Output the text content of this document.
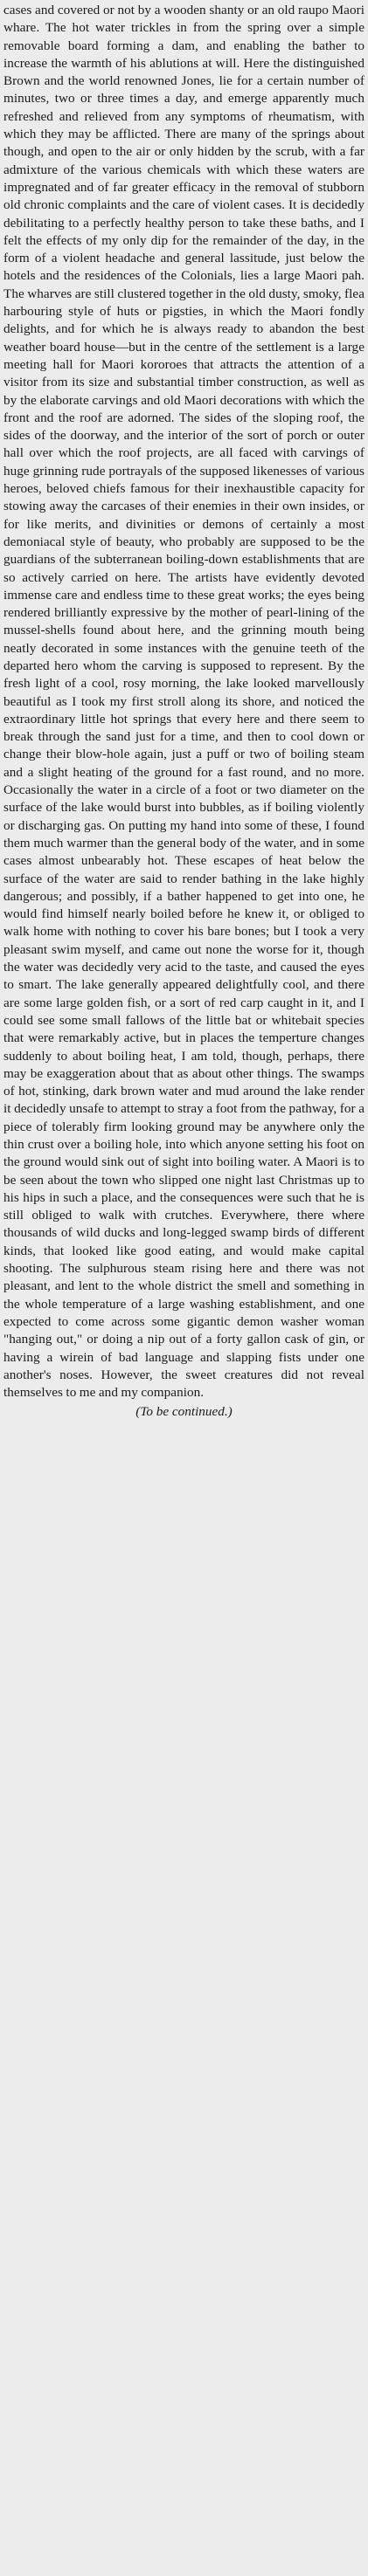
cases and covered or not by a wooden shanty or an old raupo Maori whare. The hot water trickles in from the spring over a simple removable board forming a dam, and enabling the bather to increase the warmth of his ablutions at will. Here the distinguished Brown and the world renowned Jones, lie for a certain number of minutes, two or three times a day, and emerge apparently much refreshed and relieved from any symptoms of rheumatism, with which they may be afflicted. There are many of the springs about though, and open to the air or only hidden by the scrub, with a far admixture of the various chemicals with which these waters are impregnated and of far greater efficacy in the removal of stubborn old chronic complaints and the care of violent cases. It is decidedly debilitating to a perfectly healthy person to take these baths, and I felt the effects of my only dip for the remainder of the day, in the form of a violent headache and general lassitude, just below the hotels and the residences of the Colonials, lies a large Maori pah. The wharves are still clustered together in the old dusty, smoky, flea harbouring style of huts or pigsties, in which the Maori fondly delights, and for which he is always ready to abandon the best weather board house—but in the centre of the settlement is a large meeting hall for Maori kororoes that attracts the attention of a visitor from its size and substantial timber construction, as well as by the elaborate carvings and old Maori decorations with which the front and the roof are adorned. The sides of the sloping roof, the sides of the doorway, and the interior of the sort of porch or outer hall over which the roof projects, are all faced with carvings of huge grinning rude portrayals of the supposed likenesses of various heroes, beloved chiefs famous for their inexhaustible capacity for stowing away the carcases of their enemies in their own insides, or for like merits, and divinities or demons of certainly a most demoniacal style of beauty, who probably are supposed to be the guardians of the subterranean boiling-down establishments that are so actively carried on here. The artists have evidently devoted immense care and endless time to these great works; the eyes being rendered brilliantly expressive by the mother of pearl-lining of the mussel-shells found about here, and the grinning mouth being neatly decorated in some instances with the genuine teeth of the departed hero whom the carving is supposed to represent. By the fresh light of a cool, rosy morning, the lake looked marvellously beautiful as I took my first stroll along its shore, and noticed the extraordinary little hot springs that every here and there seem to break through the sand just for a time, and then to cool down or change their blow-hole again, just a puff or two of boiling steam and a slight heating of the ground for a fast round, and no more. Occasionally the water in a circle of a foot or two diameter on the surface of the lake would burst into bubbles, as if boiling violently or discharging gas. On putting my hand into some of these, I found them much warmer than the general body of the water, and in some cases almost unbearably hot. These escapes of heat below the surface of the water are said to render bathing in the lake highly dangerous; and possibly, if a bather happened to get into one, he would find himself nearly boiled before he knew it, or obliged to walk home with nothing to cover his bare bones; but I took a very pleasant swim myself, and came out none the worse for it, though the water was decidedly very acid to the taste, and caused the eyes to smart. The lake generally appeared delightfully cool, and there are some large golden fish, or a sort of red carp caught in it, and I could see some small fallows of the little bat or whitebait species that were remarkably active, but in places the temperture changes suddenly to about boiling heat, I am told, though, perhaps, there may be exaggeration about that as about other things. The swamps of hot, stinking, dark brown water and mud around the lake render it decidedly unsafe to attempt to stray a foot from the pathway, for a piece of tolerably firm looking ground may be anywhere only the thin crust over a boiling hole, into which anyone setting his foot on the ground would sink out of sight into boiling water. A Maori is to be seen about the town who slipped one night last Christmas up to his hips in such a place, and the consequences were such that he is still obliged to walk with crutches. Everywhere, there where thousands of wild ducks and long-legged swamp birds of different kinds, that looked like good eating, and would make capital shooting. The sulphurous steam rising here and there was not pleasant, and lent to the whole district the smell and something in the whole temperature of a large washing establishment, and one expected to come across some gigantic demon washer woman "hanging out," or doing a nip out of a forty gallon cask of gin, or having a wirein of bad language and slapping fists under one another's noses. However, the sweet creatures did not reveal themselves to me and my companion.

(To be continued.)
